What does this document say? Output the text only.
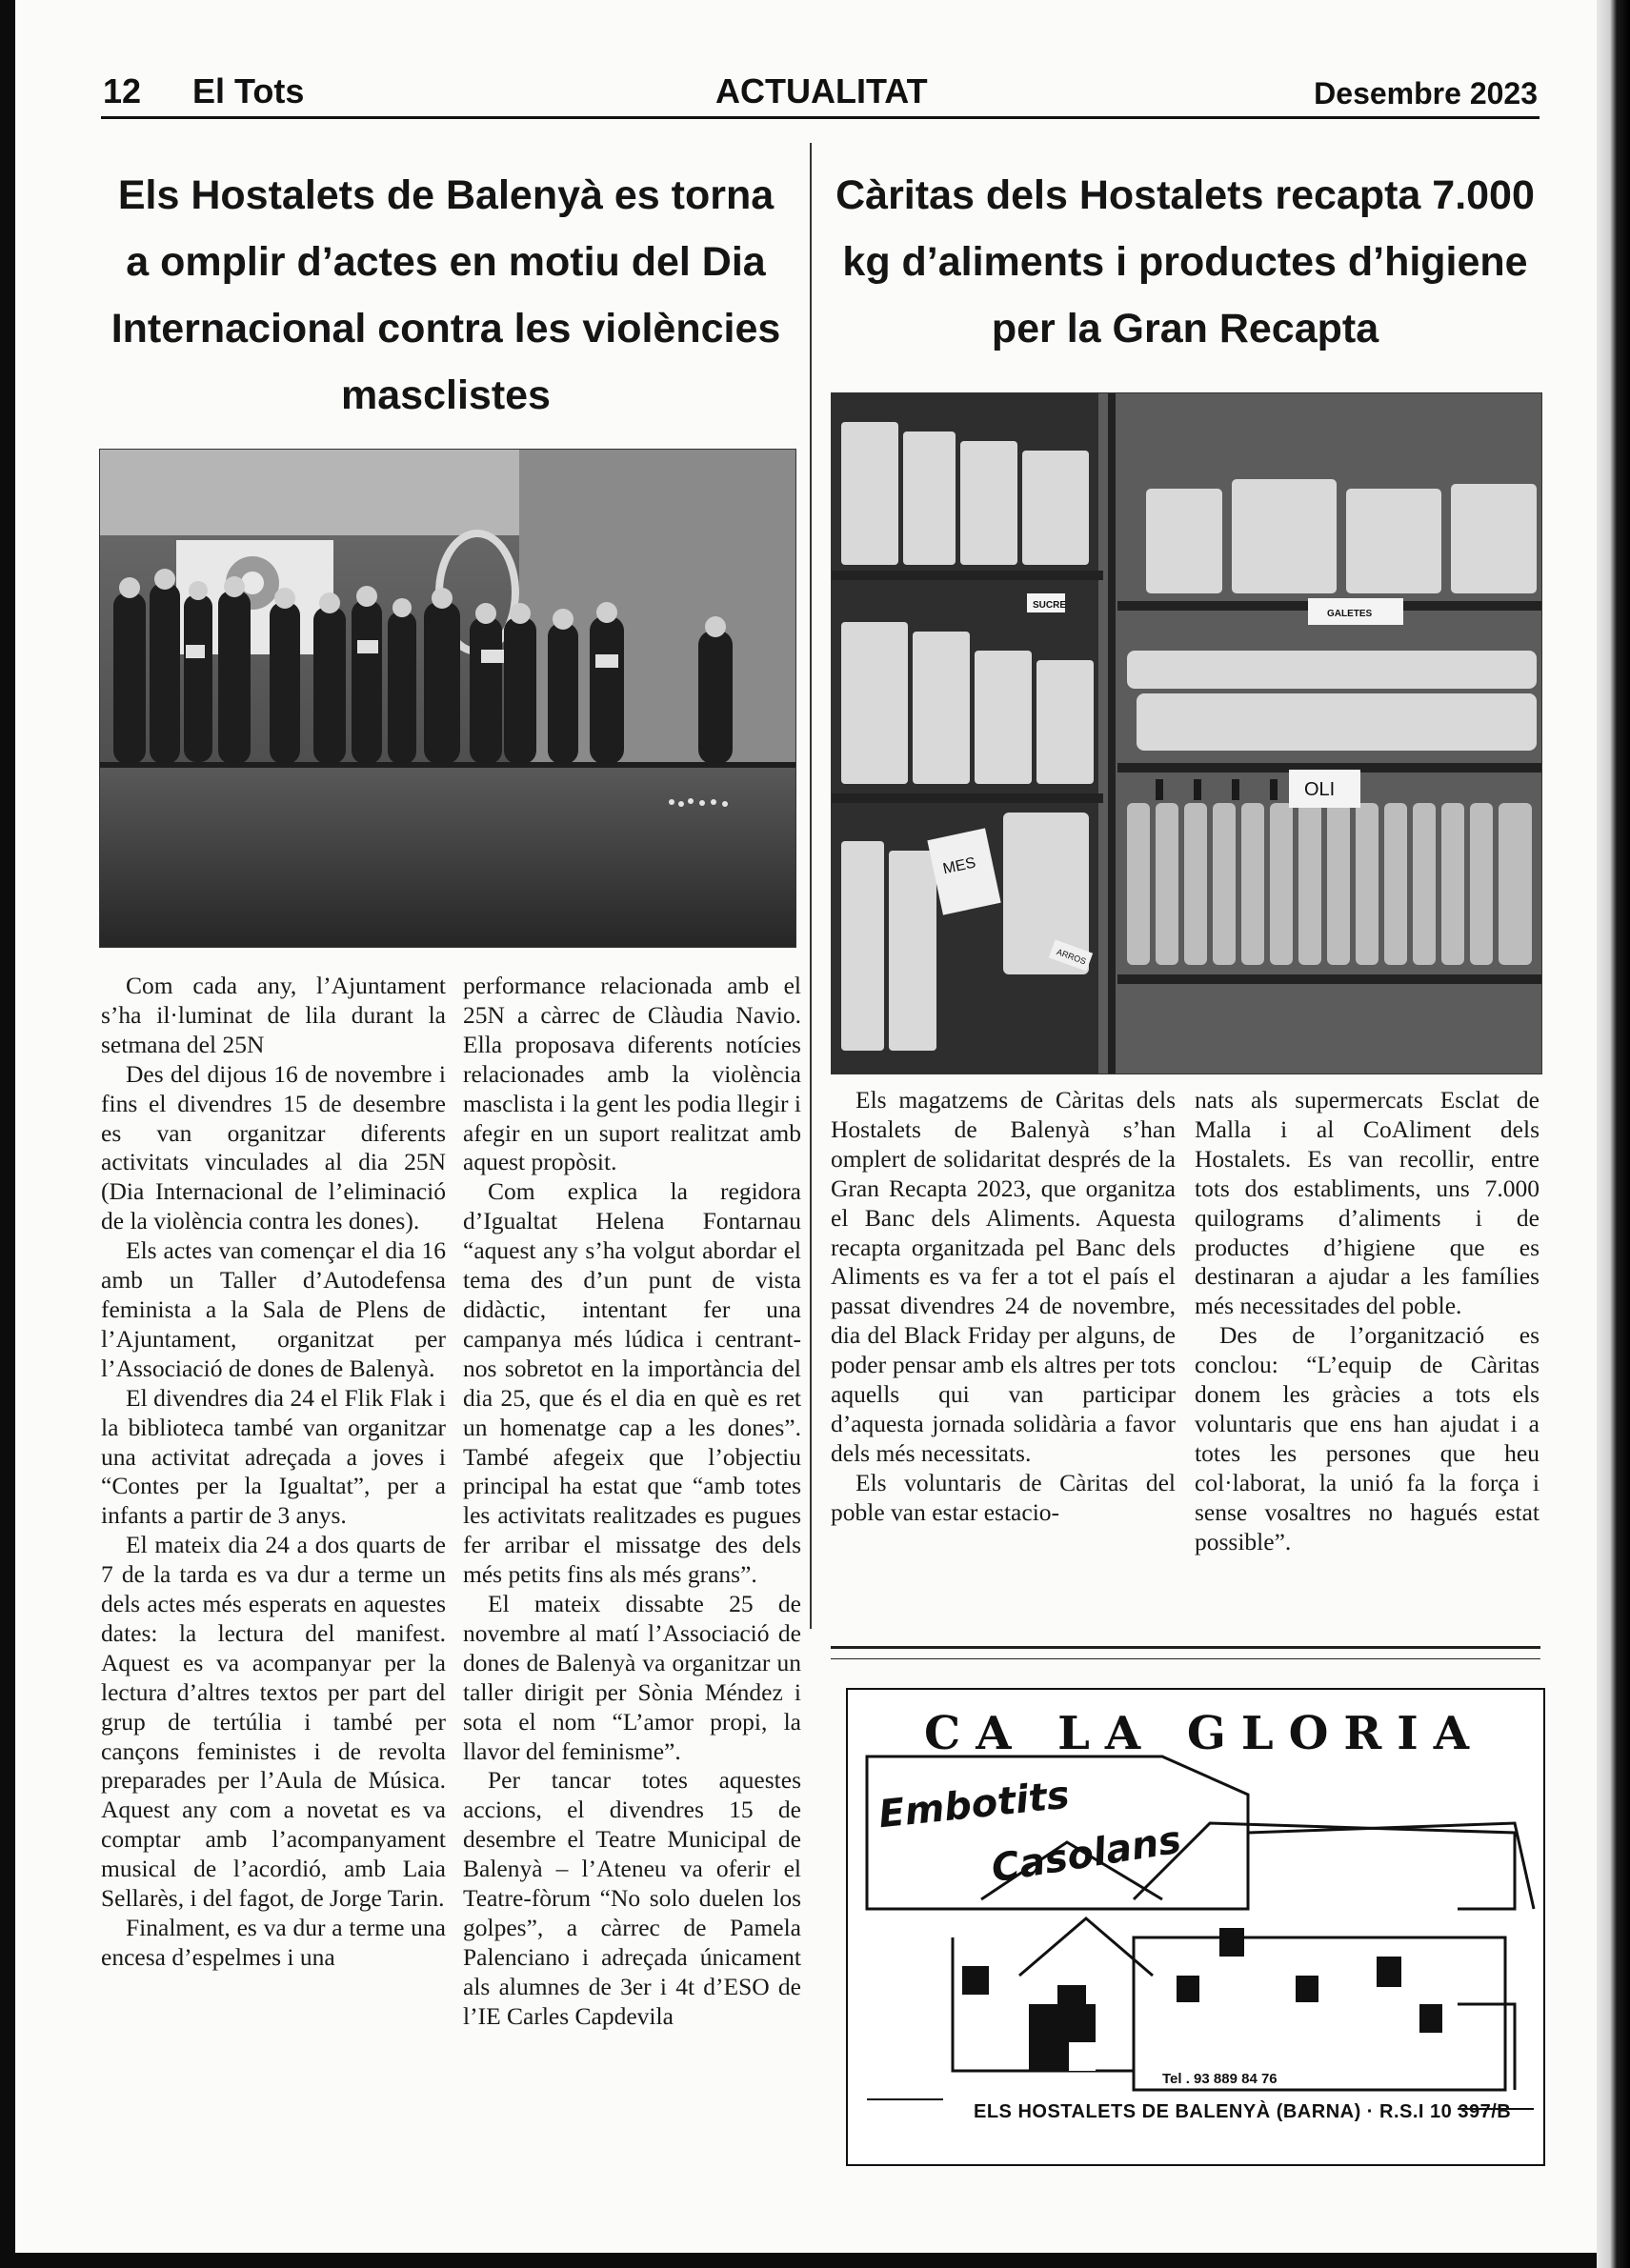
12 El Tots	ACTUALITAT	Desembre 2023
Els Hostalets de Balenyà es torna a omplir d’actes en motiu del Dia Internacional contra les violències masclistes

Com cada any, l’Ajuntament s’ha il·luminat de lila durant la setmana del 25N

Des del dijous 16 de novembre i fins el divendres 15 de desembre es van organitzar diferents activitats vinculades al dia 25N (Dia Internacional de l’eliminació de la violència contra les dones).

Els actes van començar el dia 16 amb un Taller d’Autodefensa feminista a la Sala de Plens de l’Ajuntament, organitzat per l’Associació de dones de Balenyà.

El divendres dia 24 el Flik Flak i la biblioteca també van organitzar una activitat adreçada a joves i “Contes per la Igualtat”, per a infants a partir de 3 anys.

El mateix dia 24 a dos quarts de 7 de la tarda es va dur a terme un dels actes més esperats en aquestes dates: la lectura del manifest. Aquest es va acompanyar per la lectura d’altres textos per part del grup de tertúlia i també per cançons feministes i de revolta preparades per l’Aula de Música. Aquest any com a novetat es va comptar amb l’acompanyament musical de l’acordió, amb Laia Sellarès, i del fagot, de Jorge Tarin.

Finalment, es va dur a terme una encesa d’espelmes i una

performance relacionada amb el 25N a càrrec de Clàudia Navio. Ella proposava diferents notícies relacionades amb la violència masclista i la gent les podia llegir i afegir en un suport realitzat amb aquest propòsit.

Com explica la regidora d’Igualtat Helena Fontarnau “aquest any s’ha volgut abordar el tema des d’un punt de vista didàctic, intentant fer una campanya més lúdica i centrant-nos sobretot en la importància del dia 25, que és el dia en què es ret un homenatge cap a les dones”. També afegeix que l’objectiu principal ha estat que “amb totes les activitats realitzades es pugues fer arribar el missatge des dels més petits fins als més grans”.

El mateix dissabte 25 de novembre al matí l’Associació de dones de Balenyà va organitzar un taller dirigit per Sònia Méndez i sota el nom “L’amor propi, la llavor del feminisme”.

Per tancar totes aquestes accions, el divendres 15 de desembre el Teatre Municipal de Balenyà – l’Ateneu va oferir el Teatre-fòrum “No solo duelen los golpes”, a càrrec de Pamela Palenciano i adreçada únicament als alumnes de 3er i 4t d’ESO de l’IE Carles Capdevila

Càritas dels Hostalets recapta 7.000 kg d’aliments i productes d’higiene per la Gran Recapta
SUCRE
GALETES
OLI
MES
ARROS

Els magatzems de Càritas dels Hostalets de Balenyà s’han omplert de solidaritat després de la Gran Recapta 2023, que organitza el Banc dels Aliments. Aquesta recapta organitzada pel Banc dels Aliments es va fer a tot el país el passat divendres 24 de novembre, dia del Black Friday per alguns, de poder pensar amb els altres per tots aquells qui van participar d’aquesta jornada solidària a favor dels més necessitats.

Els voluntaris de Càritas del poble van estar estacio-

nats als supermercats Esclat de Malla i al CoAliment dels Hostalets. Es van recollir, entre tots dos establiments, uns 7.000 quilograms d’aliments i de productes d’higiene que es destinaran a ajudar a les famílies més necessitades del poble.

Des de l’organització es conclou: “L’equip de Càritas donem les gràcies a tots els voluntaris que ens han ajudat i a totes les persones que heu col·laborat, la unió fa la força i sense vosaltres no hagués estat possible”.

CA LA GLORIA
Embotits
Casolans
Tel . 93 889 84 76
ELS HOSTALETS DE BALENYÀ (BARNA) · R.S.I 10 397/B
